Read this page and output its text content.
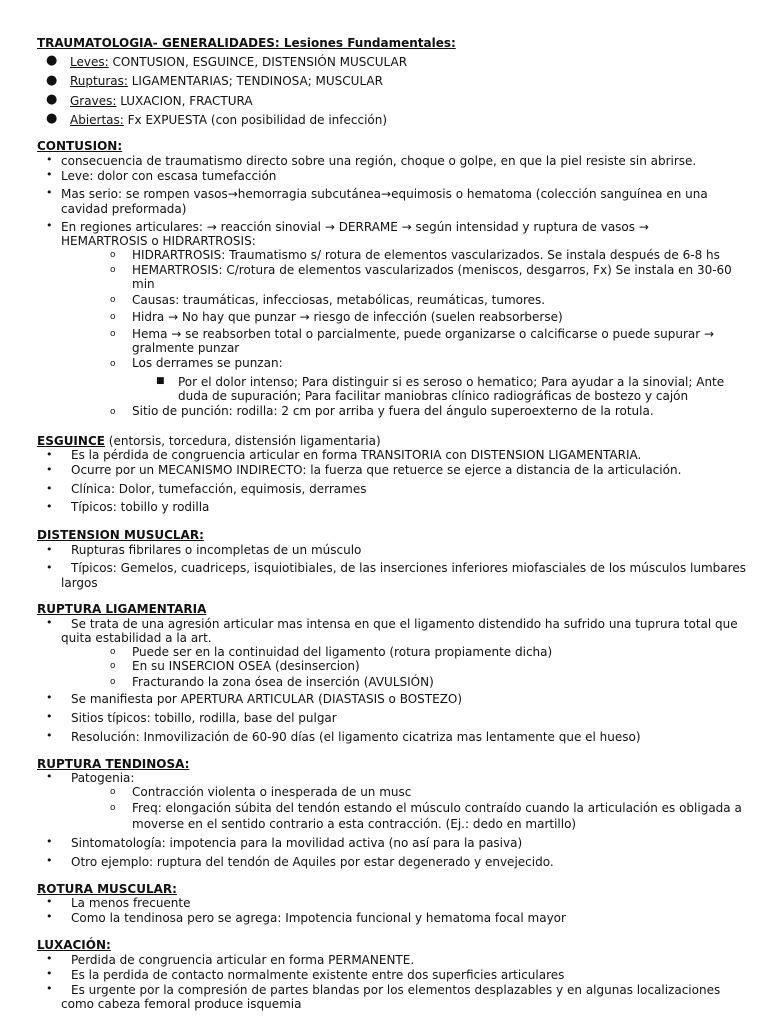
TRAUMATOLOGIA- GENERALIDADES: Lesiones Fundamentales:
● Leves: CONTUSION, ESGUINCE, DISTENSIÓN MUSCULAR
● Rupturas: LIGAMENTARIAS; TENDINOSA; MUSCULAR
● Graves: LUXACION, FRACTURA
● Abiertas: Fx EXPUESTA (con posibilidad de infección)
CONTUSION:
• consecuencia de traumatismo directo sobre una región, choque o golpe, en que la piel resiste sin abrirse.
• Leve: dolor con escasa tumefacción
• Mas serio: se rompen vasos→hemorragia subcutánea→equimosis o hematoma (colección sanguínea en una
cavidad preformada)
• En regiones articulares: → reacción sinovial → DERRAME → según intensidad y ruptura de vasos →
HEMARTROSIS o HIDRARTROSIS:
o HIDRARTROSIS: Traumatismo s/ rotura de elementos vascularizados. Se instala después de 6-8 hs
o HEMARTROSIS: C/rotura de elementos vascularizados (meniscos, desgarros, Fx) Se instala en 30-60
min
o Causas: traumáticas, infecciosas, metabólicas, reumáticas, tumores.
o Hidra → No hay que punzar → riesgo de infección (suelen reabsorberse)
o Hema → se reabsorben total o parcialmente, puede organizarse o calcificarse o puede supurar →
gralmente punzar
o Los derrames se punzan:
■ Por el dolor intenso; Para distinguir si es seroso o hematico; Para ayudar a la sinovial; Ante
duda de supuración; Para facilitar maniobras clínico radiográficas de bostezo y cajón
o Sitio de punción: rodilla: 2 cm por arriba y fuera del ángulo superoexterno de la rotula.
ESGUINCE (entorsis, torcedura, distensión ligamentaria)
• Es la pérdida de congruencia articular en forma TRANSITORIA con DISTENSION LIGAMENTARIA.
• Ocurre por un MECANISMO INDIRECTO: la fuerza que retuerce se ejerce a distancia de la articulación.
• Clínica: Dolor, tumefacción, equimosis, derrames
• Típicos: tobillo y rodilla
DISTENSION MUSUCLAR:
• Rupturas fibrilares o incompletas de un músculo
• Típicos: Gemelos, cuadriceps, isquiotibiales, de las inserciones inferiores miofasciales de los músculos lumbares
largos
RUPTURA LIGAMENTARIA
• Se trata de una agresión articular mas intensa en que el ligamento distendido ha sufrido una tuprura total que
quita estabilidad a la art.
o Puede ser en la continuidad del ligamento (rotura propiamente dicha)
o En su INSERCION OSEA (desinsercion)
o Fracturando la zona ósea de inserción (AVULSIÓN)
• Se manifiesta por APERTURA ARTICULAR (DIASTASIS o BOSTEZO)
• Sitios típicos: tobillo, rodilla, base del pulgar
• Resolución: Inmovilización de 60-90 días (el ligamento cicatriza mas lentamente que el hueso)
RUPTURA TENDINOSA:
• Patogenia:
o Contracción violenta o inesperada de un musc
o Freq: elongación súbita del tendón estando el músculo contraído cuando la articulación es obligada a
moverse en el sentido contrario a esta contracción. (Ej.: dedo en martillo)
• Sintomatología: impotencia para la movilidad activa (no así para la pasiva)
• Otro ejemplo: ruptura del tendón de Aquiles por estar degenerado y envejecido.
ROTURA MUSCULAR:
• La menos frecuente
• Como la tendinosa pero se agrega: Impotencia funcional y hematoma focal mayor
LUXACIÓN:
• Perdida de congruencia articular en forma PERMANENTE.
• Es la perdida de contacto normalmente existente entre dos superficies articulares
• Es urgente por la compresión de partes blandas por los elementos desplazables y en algunas localizaciones
como cabeza femoral produce isquemia
